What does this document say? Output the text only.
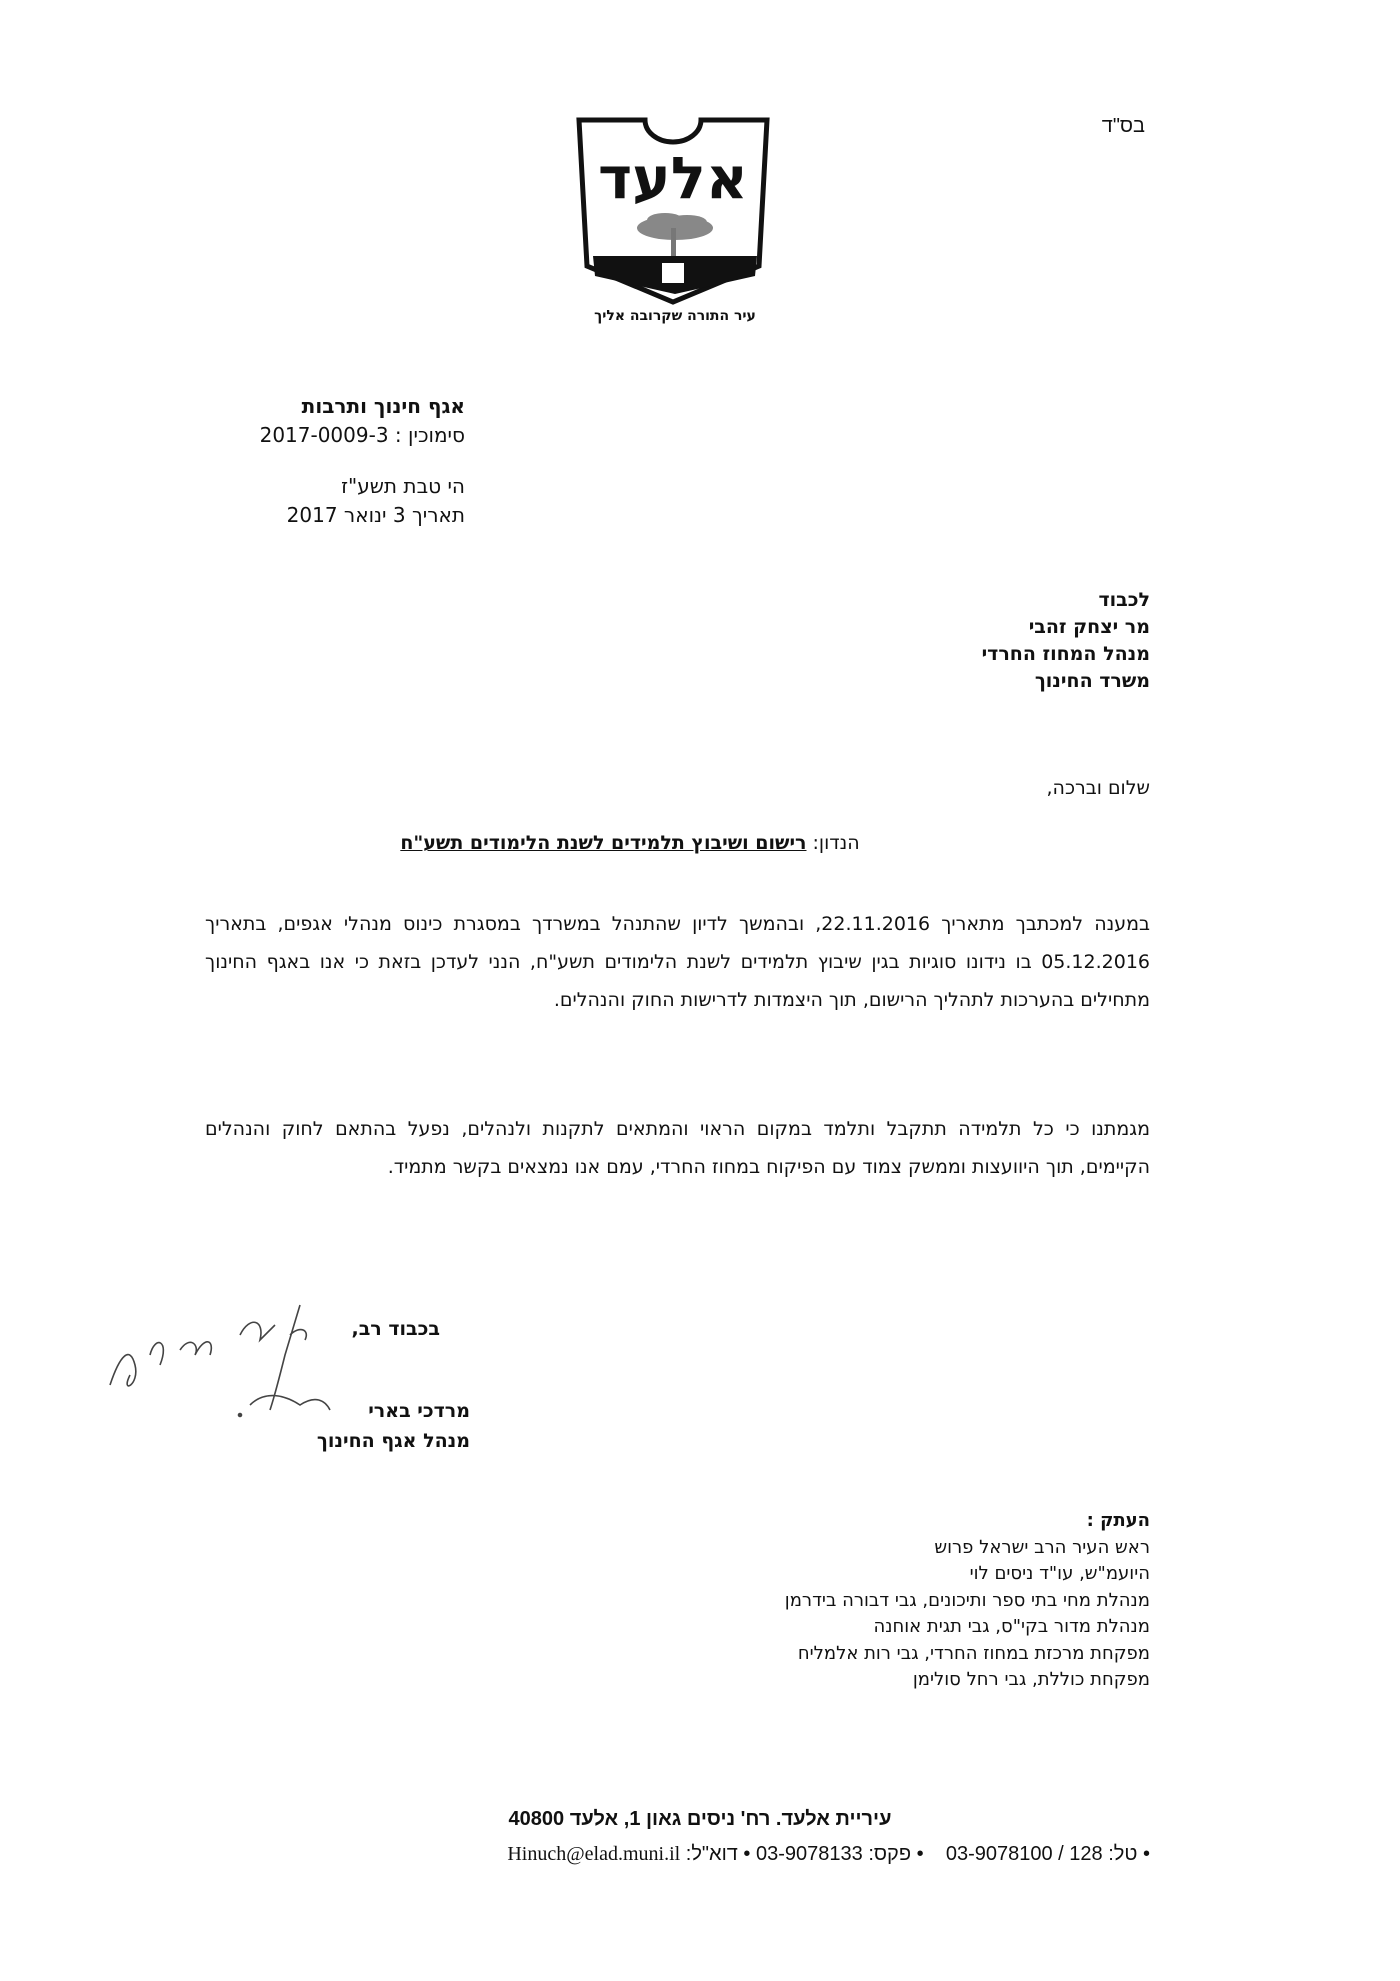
בס"ד
אלעד
עיר התורה שקרובה אליך
אגף חינוך ותרבות
סימוכין : 2017-0009-3
הי טבת תשע"ז
תאריך 3 ינואר 2017
לכבוד
מר יצחק זהבי
מנהל המחוז החרדי
משרד החינוך
שלום וברכה,
הנדון: רישום ושיבוץ תלמידים לשנת הלימודים תשע"ח
במענה למכתבך מתאריך 22.11.2016, ובהמשך לדיון שהתנהל במשרדך במסגרת כינוס מנהלי אגפים, בתאריך 05.12.2016 בו נידונו סוגיות בגין שיבוץ תלמידים לשנת הלימודים תשע"ח, הנני לעדכן בזאת כי אנו באגף החינוך מתחילים בהערכות לתהליך הרישום, תוך היצמדות לדרישות החוק והנהלים.
מגמתנו כי כל תלמידה תתקבל ותלמד במקום הראוי והמתאים לתקנות ולנהלים, נפעל בהתאם לחוק והנהלים הקיימים, תוך היוועצות וממשק צמוד עם הפיקוח במחוז החרדי, עמם אנו נמצאים בקשר מתמיד.
בכבוד רב,
מרדכי בארי
מנהל אגף החינוך
העתק :
ראש העיר הרב ישראל פרוש
היועמ"ש, עו"ד ניסים לוי
מנהלת מחי בתי ספר ותיכונים, גבי דבורה בידרמן
מנהלת מדור בקי"ס, גבי תגית אוחנה
מפקחת מרכזת במחוז החרדי, גבי רות אלמליח
מפקחת כוללת, גבי רחל סולימן
עיריית אלעד. רח' ניסים גאון 1, אלעד 40800
• טל: 03-9078100 / 128    • פקס: 03-9078133 • דוא"ל: Hinuch@elad.muni.il
